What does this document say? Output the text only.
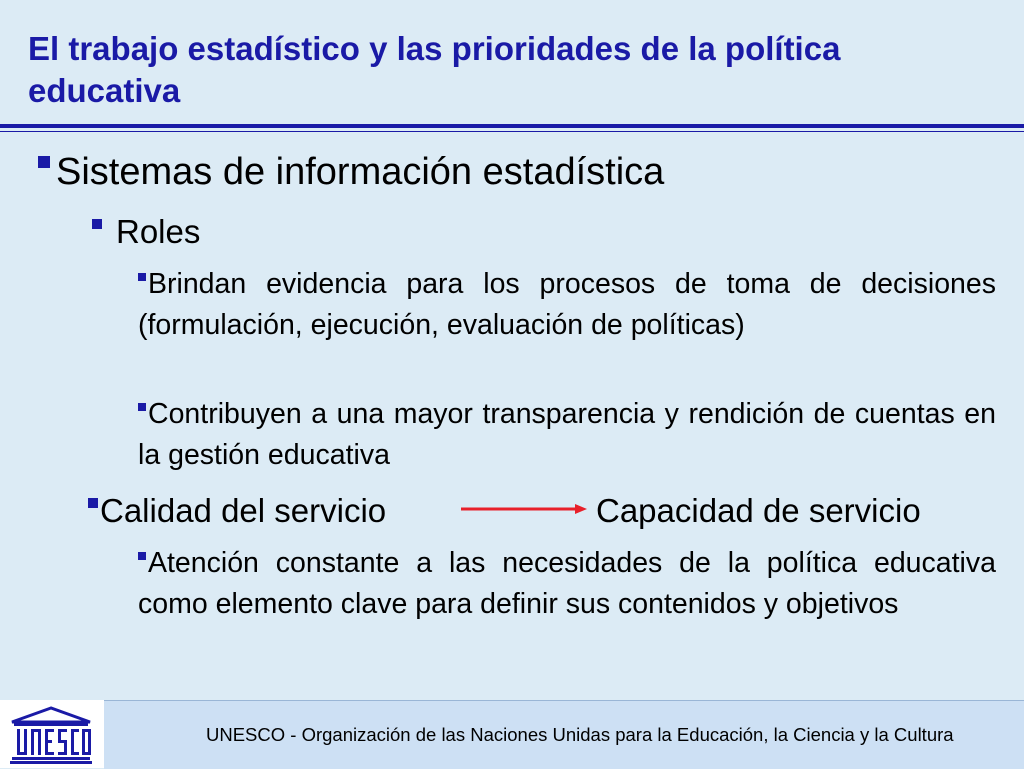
El trabajo estadístico y las prioridades de la política educativa
Sistemas de información estadística
Roles
Brindan evidencia para los procesos de toma de decisiones (formulación, ejecución, evaluación de políticas)
Contribuyen a una mayor transparencia y rendición de cuentas en la gestión educativa
Calidad del servicio	Capacidad de servicio
Atención constante a las necesidades de la política educativa como elemento clave para definir sus contenidos y objetivos
UNESCO - Organización de las Naciones Unidas para la Educación, la Ciencia y la Cultura
